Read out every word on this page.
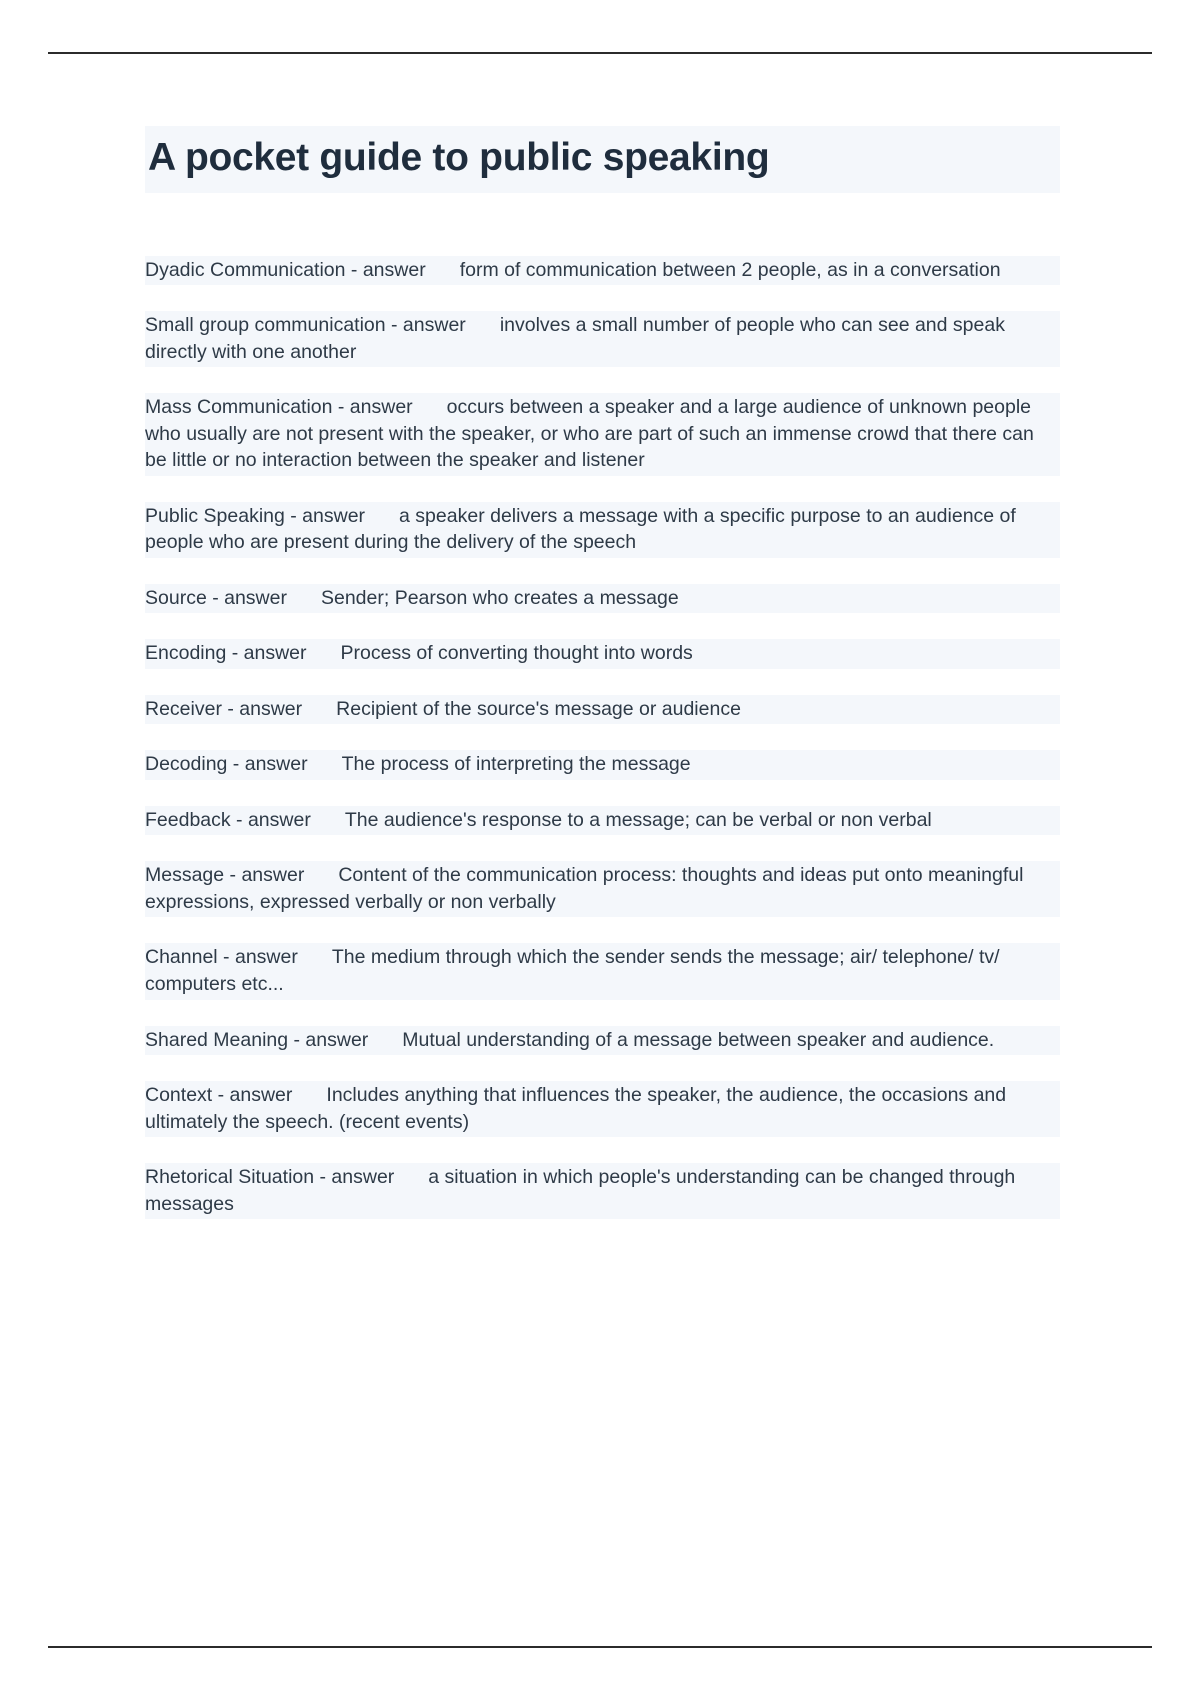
A pocket guide to public speaking

Dyadic Communication - answer form of communication between 2 people, as in a conversation

Small group communication - answer involves a small number of people who can see and speak directly with one another

Mass Communication - answer occurs between a speaker and a large audience of unknown people who usually are not present with the speaker, or who are part of such an immense crowd that there can be little or no interaction between the speaker and listener

Public Speaking - answer a speaker delivers a message with a specific purpose to an audience of people who are present during the delivery of the speech

Source - answer Sender; Pearson who creates a message

Encoding - answer Process of converting thought into words

Receiver - answer Recipient of the source's message or audience

Decoding - answer The process of interpreting the message

Feedback - answer The audience's response to a message; can be verbal or non verbal

Message - answer Content of the communication process: thoughts and ideas put onto meaningful expressions, expressed verbally or non verbally

Channel - answer The medium through which the sender sends the message; air/ telephone/ tv/ computers etc...

Shared Meaning - answer Mutual understanding of a message between speaker and audience.

Context - answer Includes anything that influences the speaker, the audience, the occasions and ultimately the speech. (recent events)

Rhetorical Situation - answer a situation in which people's understanding can be changed through messages
